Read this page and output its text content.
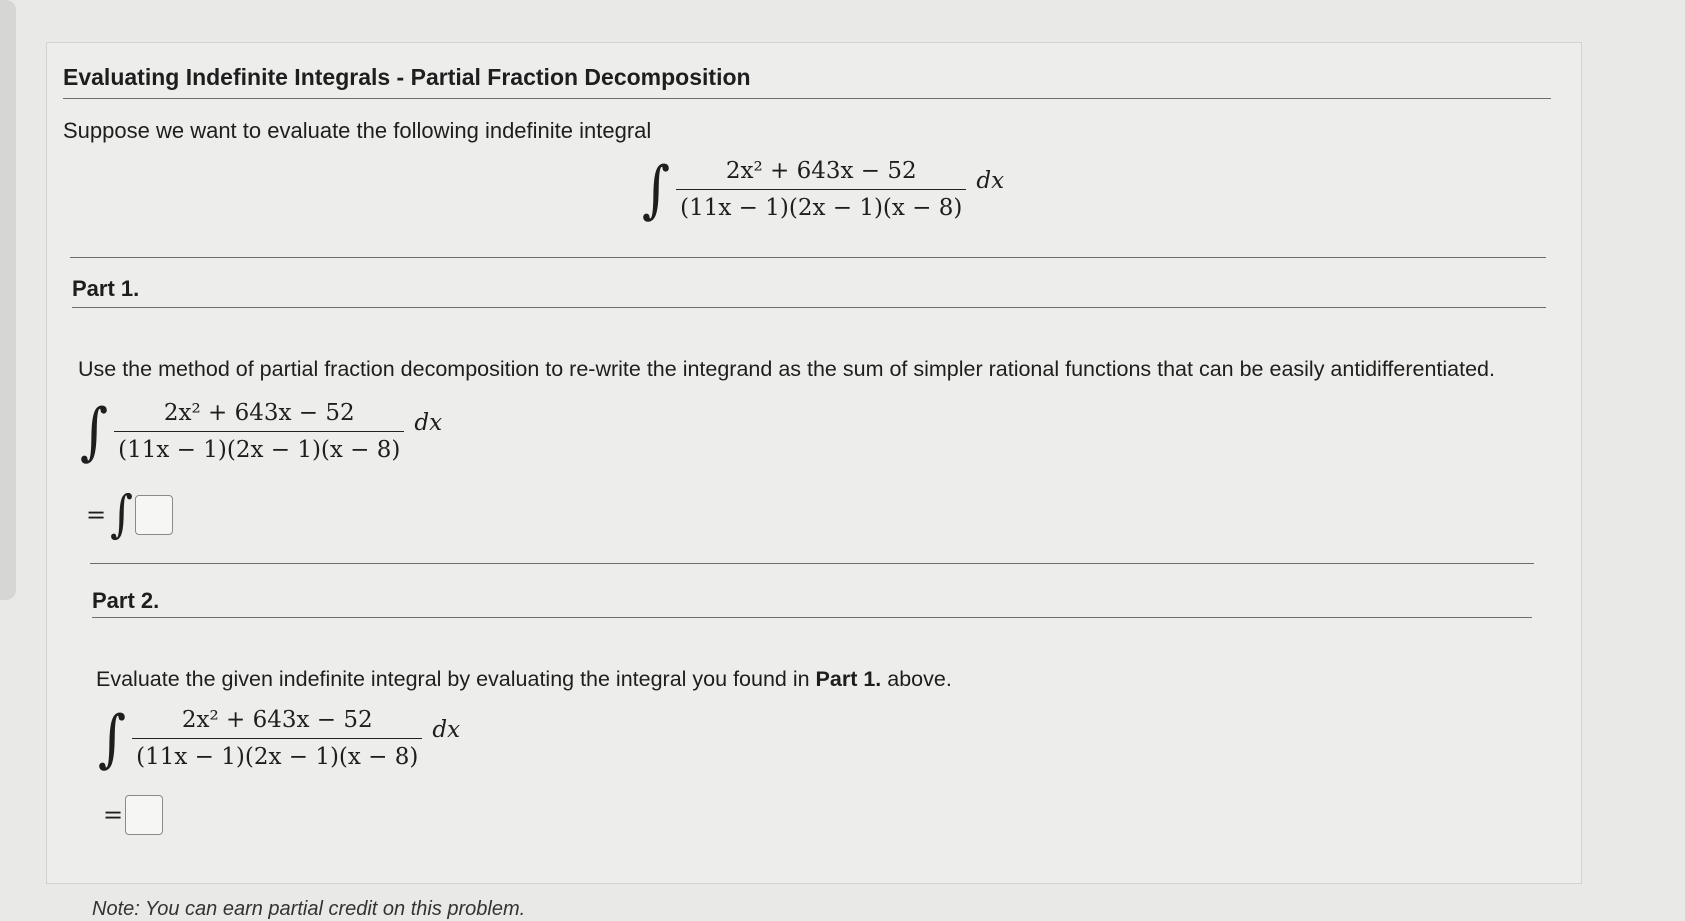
Evaluating Indefinite Integrals - Partial Fraction Decomposition
Suppose we want to evaluate the following indefinite integral
∫ $\frac{\text{2x² + 643x − 52}}{(11x - 1)(2x - 1)(x - 8)}$ dx
Part 1.
Use the method of partial fraction decomposition to re-write the integrand as the sum of simpler rational functions that can be easily antidifferentiated.
∫ $\frac{\text{2x² + 643x − 52}}{(11x - 1)(2x - 1)(x - 8)}$ dx
= ∫
Part 2.
Evaluate the given indefinite integral by evaluating the integral you found in Part 1. above.
∫ $\frac{\text{2x² + 643x − 52}}{(11x - 1)(2x - 1)(x - 8)}$ dx
=
Note: You can earn partial credit on this problem.
